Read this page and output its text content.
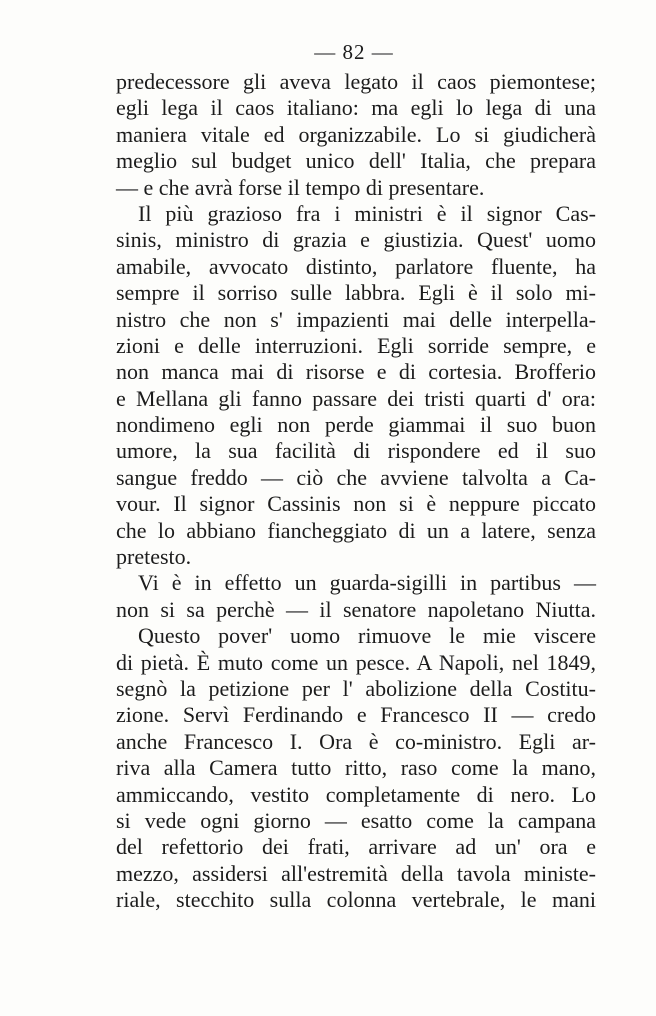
— 82 —
predecessore gli aveva legato il caos piemontese;
egli lega il caos italiano: ma egli lo lega di una
maniera vitale ed organizzabile. Lo si giudicherà
meglio sul budget unico dell' Italia, che prepara
— e che avrà forse il tempo di presentare.
Il più grazioso fra i ministri è il signor Cas-
sinis, ministro di grazia e giustizia. Quest' uomo
amabile, avvocato distinto, parlatore fluente, ha
sempre il sorriso sulle labbra. Egli è il solo mi-
nistro che non s' impazienti mai delle interpella-
zioni e delle interruzioni. Egli sorride sempre, e
non manca mai di risorse e di cortesia. Brofferio
e Mellana gli fanno passare dei tristi quarti d' ora:
nondimeno egli non perde giammai il suo buon
umore, la sua facilità di rispondere ed il suo
sangue freddo — ciò che avviene talvolta a Ca-
vour. Il signor Cassinis non si è neppure piccato
che lo abbiano fiancheggiato di un a latere, senza
pretesto.
Vi è in effetto un guarda-sigilli in partibus —
non si sa perchè — il senatore napoletano Niutta.
Questo pover' uomo rimuove le mie viscere
di pietà. È muto come un pesce. A Napoli, nel 1849,
segnò la petizione per l' abolizione della Costitu-
zione. Servì Ferdinando e Francesco II — credo
anche Francesco I. Ora è co-ministro. Egli ar-
riva alla Camera tutto ritto, raso come la mano,
ammiccando, vestito completamente di nero. Lo
si vede ogni giorno — esatto come la campana
del refettorio dei frati, arrivare ad un' ora e
mezzo, assidersi all'estremità della tavola ministe-
riale, stecchito sulla colonna vertebrale, le mani
